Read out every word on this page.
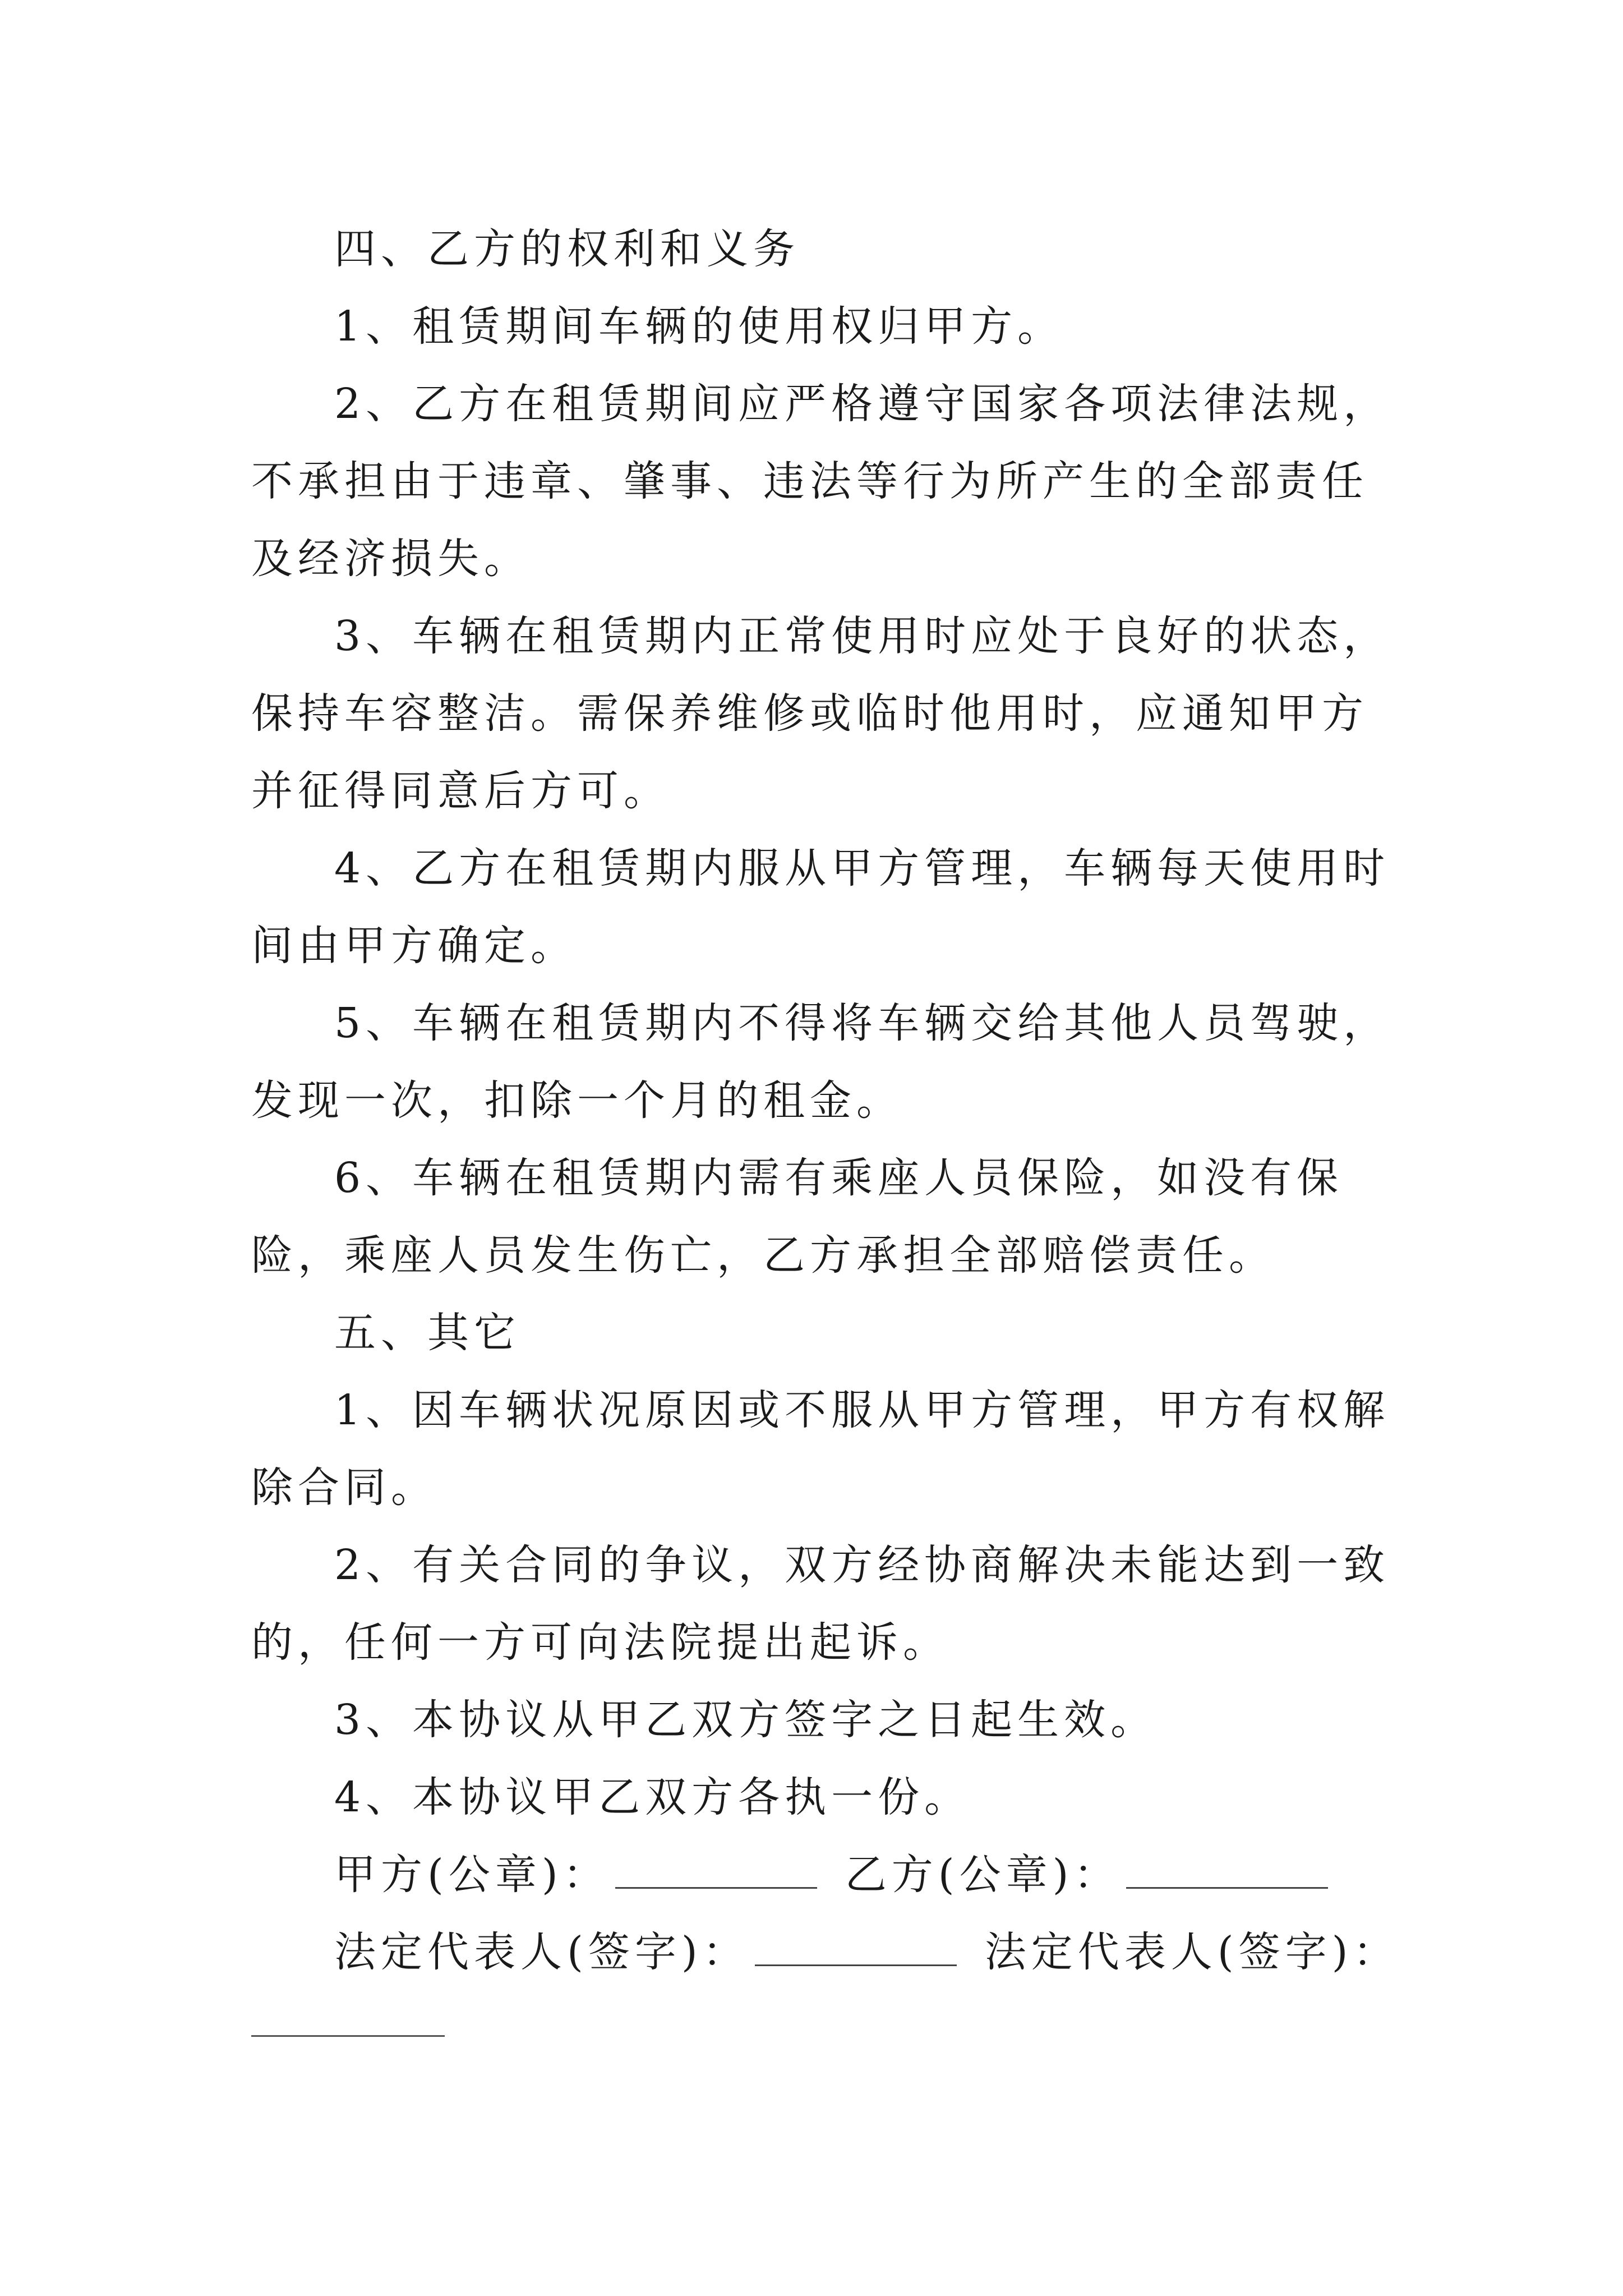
四、乙方的权利和义务

1、租赁期间车辆的使用权归甲方。

2、乙方在租赁期间应严格遵守国家各项法律法规，不承担由于违章、肇事、违法等行为所产生的全部责任及经济损失。

3、车辆在租赁期内正常使用时应处于良好的状态，保持车容整洁。需保养维修或临时他用时，应通知甲方并征得同意后方可。

4、乙方在租赁期内服从甲方管理，车辆每天使用时间由甲方确定。

5、车辆在租赁期内不得将车辆交给其他人员驾驶，发现一次，扣除一个月的租金。

6、车辆在租赁期内需有乘座人员保险，如没有保险，乘座人员发生伤亡，乙方承担全部赔偿责任。

五、其它

1、因车辆状况原因或不服从甲方管理，甲方有权解除合同。

2、有关合同的争议，双方经协商解决未能达到一致的，任何一方可向法院提出起诉。

3、本协议从甲乙双方签字之日起生效。

4、本协议甲乙双方各执一份。

甲方(公章)：	乙方(公章)：

法定代表人(签字)：	法定代表人(签字)：
